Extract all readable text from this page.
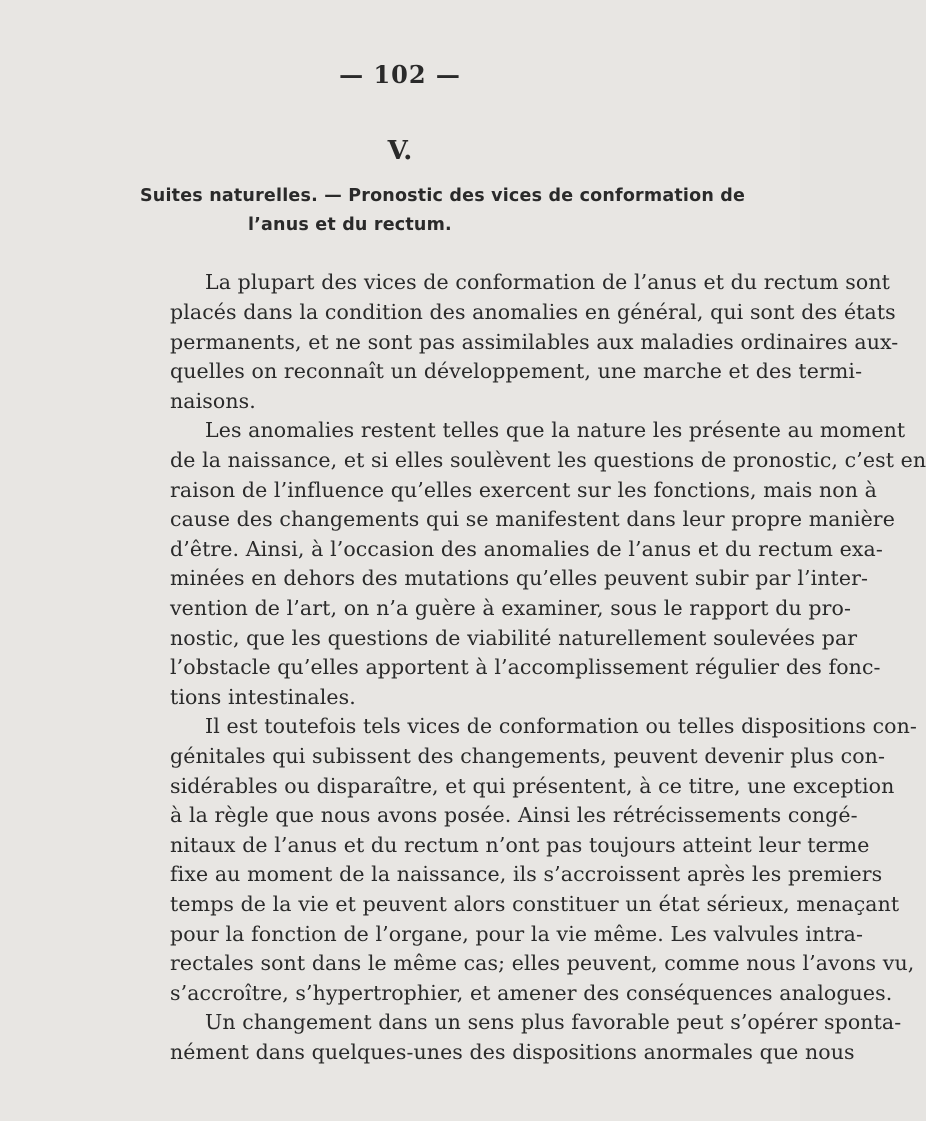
— 102 —
V.
Suites naturelles. — Pronostic des vices de conformation de
l’anus et du rectum.
La plupart des vices de conformation de l’anus et du rectum sont
placés dans la condition des anomalies en général, qui sont des états
permanents, et ne sont pas assimilables aux maladies ordinaires aux-
quelles on reconnaît un développement, une marche et des termi-
naisons.
Les anomalies restent telles que la nature les présente au moment
de la naissance, et si elles soulèvent les questions de pronostic, c’est en
raison de l’influence qu’elles exercent sur les fonctions, mais non à
cause des changements qui se manifestent dans leur propre manière
d’être. Ainsi, à l’occasion des anomalies de l’anus et du rectum exa-
minées en dehors des mutations qu’elles peuvent subir par l’inter-
vention de l’art, on n’a guère à examiner, sous le rapport du pro-
nostic, que les questions de viabilité naturellement soulevées par
l’obstacle qu’elles apportent à l’accomplissement régulier des fonc-
tions intestinales.
Il est toutefois tels vices de conformation ou telles dispositions con-
génitales qui subissent des changements, peuvent devenir plus con-
sidérables ou disparaître, et qui présentent, à ce titre, une exception
à la règle que nous avons posée. Ainsi les rétrécissements congé-
nitaux de l’anus et du rectum n’ont pas toujours atteint leur terme
fixe au moment de la naissance, ils s’accroissent après les premiers
temps de la vie et peuvent alors constituer un état sérieux, menaçant
pour la fonction de l’organe, pour la vie même. Les valvules intra-
rectales sont dans le même cas; elles peuvent, comme nous l’avons vu,
s’accroître, s’hypertrophier, et amener des conséquences analogues.
Un changement dans un sens plus favorable peut s’opérer sponta-
nément dans quelques-unes des dispositions anormales que nous
